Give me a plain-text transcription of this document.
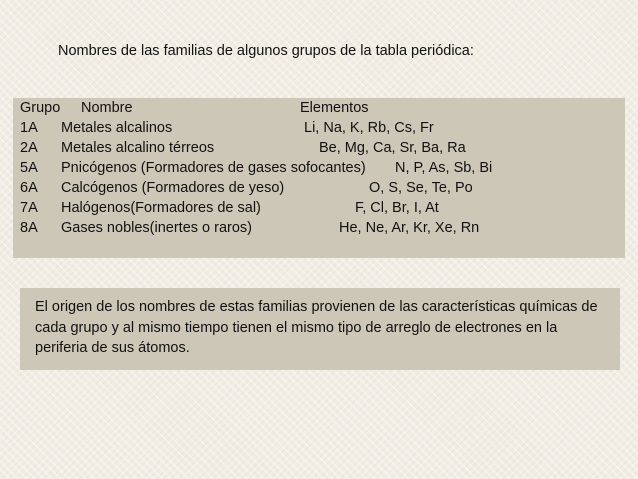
Nombres de las familias de algunos grupos de la tabla periódica:
Grupo Nombre	Elementos
1A Metales alcalinos	Li, Na, K, Rb, Cs, Fr
2A Metales alcalino térreos	Be, Mg, Ca, Sr, Ba, Ra
5A Pnicógenos (Formadores de gases sofocantes) N, P, As, Sb, Bi
6A Calcógenos (Formadores de yeso)	O, S, Se, Te, Po
7A Halógenos(Formadores de sal)	F, Cl, Br, I, At
8A Gases nobles(inertes o raros)	He, Ne, Ar, Kr, Xe, Rn
El origen de los nombres de estas familias provienen de las características químicas de cada grupo y al mismo tiempo tienen el mismo tipo de arreglo de electrones en la periferia de sus átomos.
